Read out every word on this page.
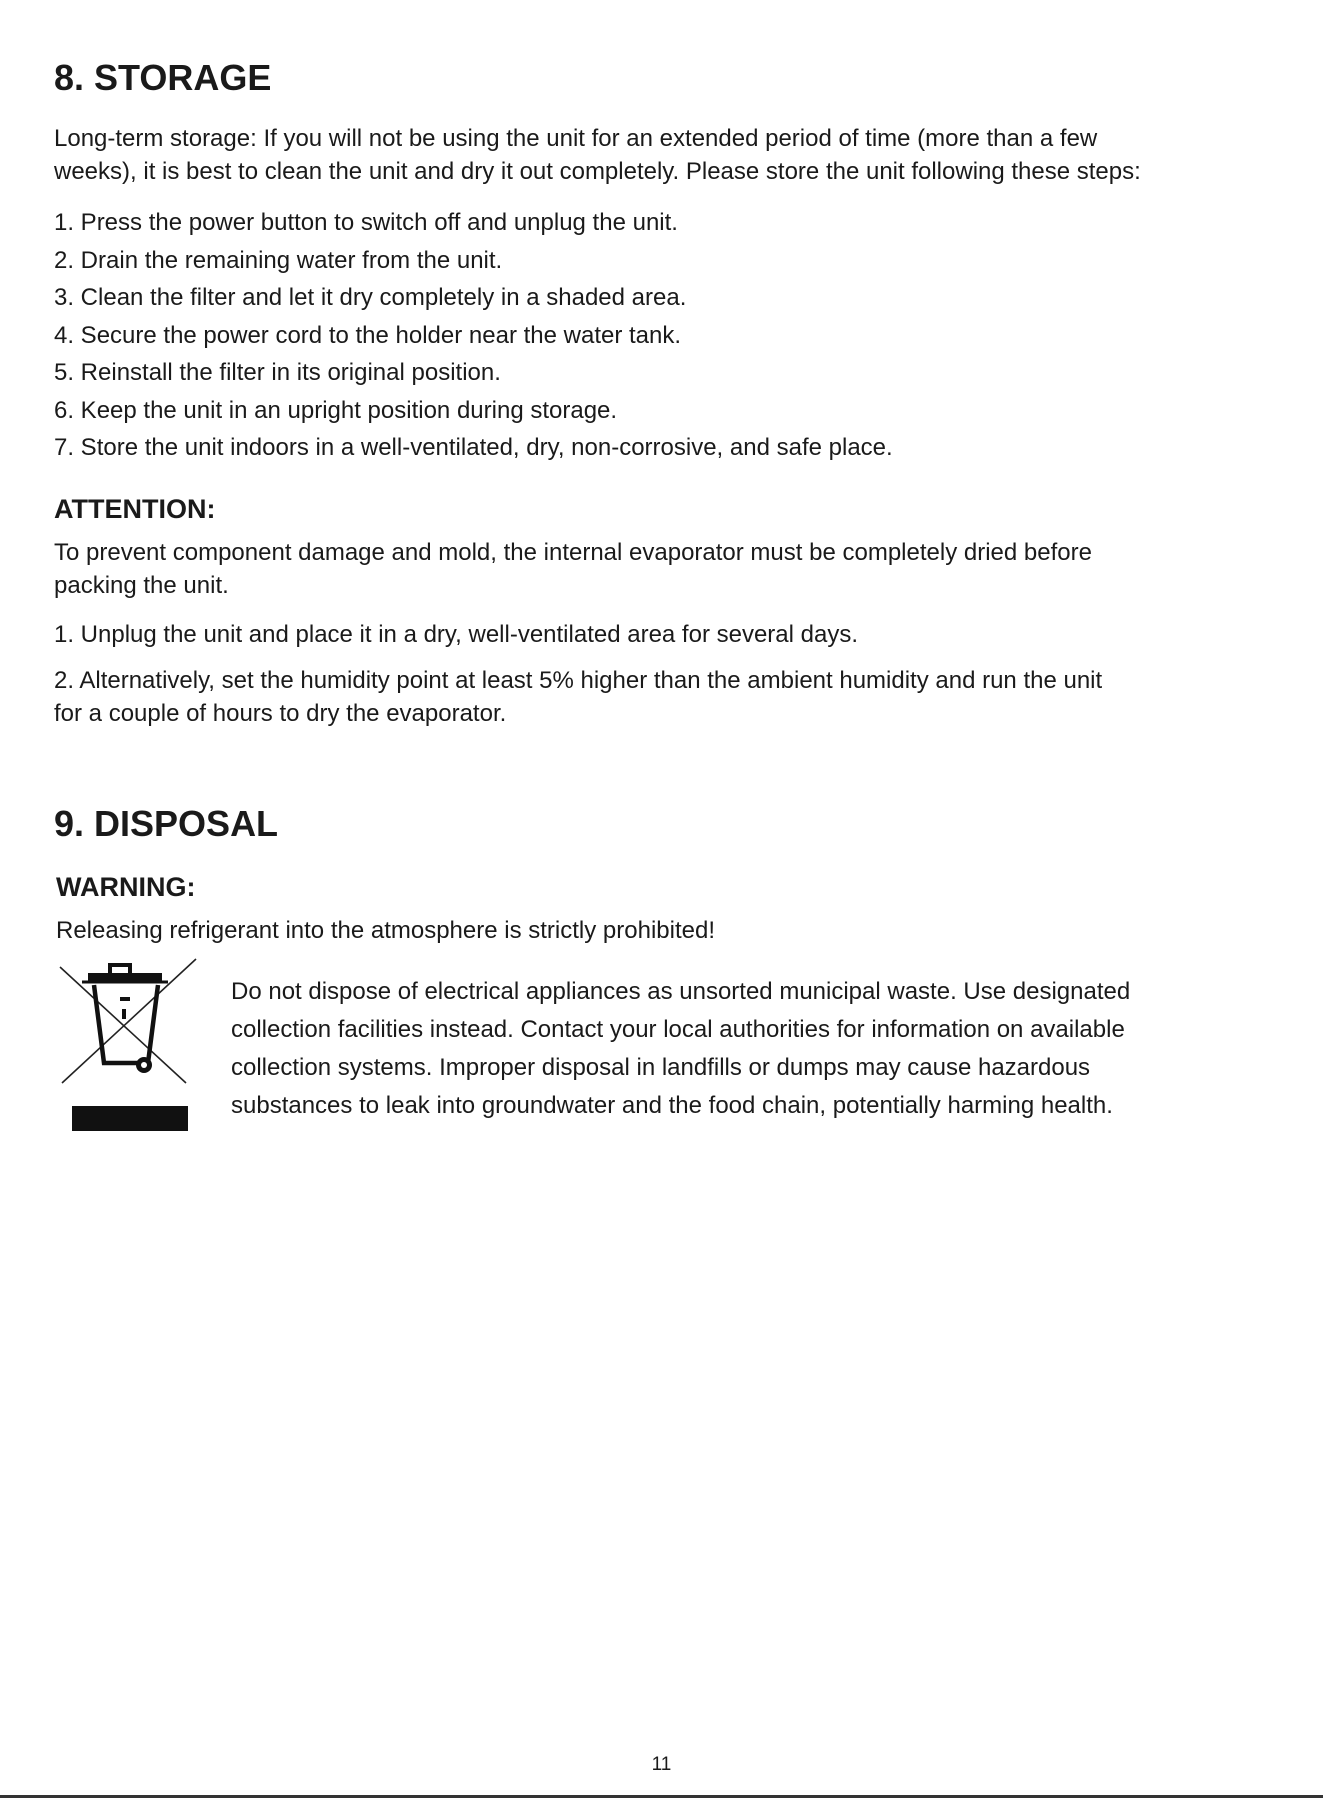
8. STORAGE

Long-term storage: If you will not be using the unit for an extended period of time (more than a few

weeks), it is best to clean the unit and dry it out completely. Please store the unit following these steps:

1. Press the power button to switch off and unplug the unit.
2. Drain the remaining water from the unit.
3. Clean the filter and let it dry completely in a shaded area.
4. Secure the power cord to the holder near the water tank.
5. Reinstall the filter in its original position.
6. Keep the unit in an upright position during storage.
7. Store the unit indoors in a well-ventilated, dry, non-corrosive, and safe place.
ATTENTION:

To prevent component damage and mold, the internal evaporator must be completely dried before

packing the unit.

1. Unplug the unit and place it in a dry, well-ventilated area for several days.

2. Alternatively, set the humidity point at least 5% higher than the ambient humidity and run the unit

for a couple of hours to dry the evaporator.

9. DISPOSAL
WARNING:

Releasing refrigerant into the atmosphere is strictly prohibited!

Do not dispose of electrical appliances as unsorted municipal waste. Use designated

collection facilities instead. Contact your local authorities for information on available

collection systems. Improper disposal in landfills or dumps may cause hazardous

substances to leak into groundwater and the food chain, potentially harming health.

11
